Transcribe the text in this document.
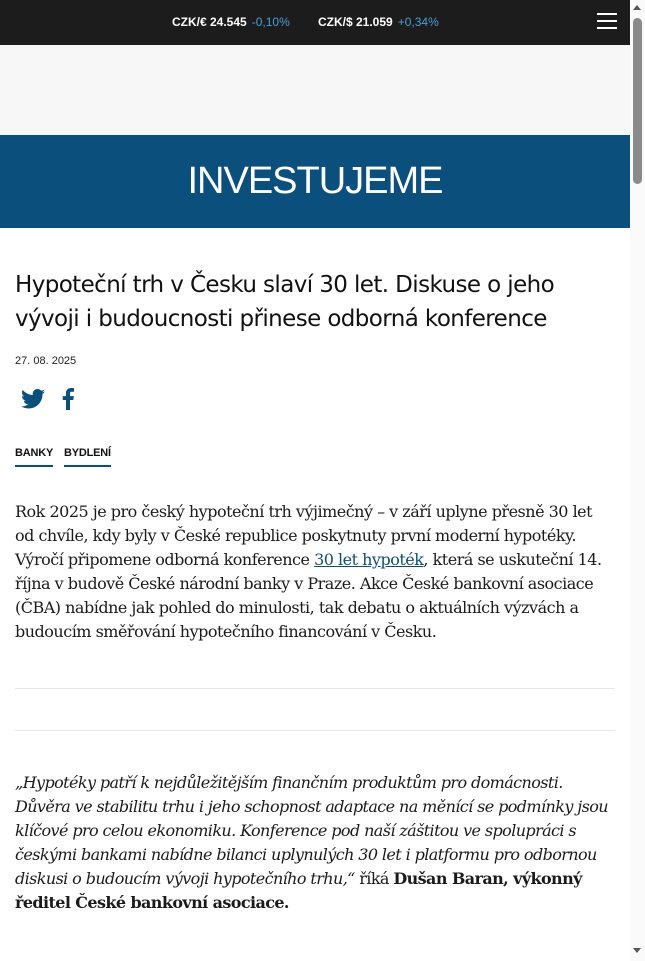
CZK/€ 24.545 -0,10% CZK/$ 21.059 +0,34%
INVESTUJEME
Hypoteční trh v Česku slaví 30 let. Diskuse o jeho vývoji i budoucnosti přinese odborná konference
27. 08. 2025
BANKY BYDLENÍ

Rok 2025 je pro český hypoteční trh výjimečný – v září uplyne přesně 30 let od chvíle, kdy byly v České republice poskytnuty první moderní hypotéky. Výročí připomene odborná konference 30 let hypoték, která se uskuteční 14. října v budově České národní banky v Praze. Akce České bankovní asociace (ČBA) nabídne jak pohled do minulosti, tak debatu o aktuálních výzvách a budoucím směřování hypotečního financování v Česku.

„Hypotéky patří k nejdůležitějším finančním produktům pro domácnosti. Důvěra ve stabilitu trhu i jeho schopnost adaptace na měnící se podmínky jsou klíčové pro celou ekonomiku. Konference pod naší záštitou ve spolupráci s českými bankami nabídne bilanci uplynulých 30 let i platformu pro odbornou diskusi o budoucím vývoji hypotečního trhu,“ říká Dušan Baran, výkonný ředitel České bankovní asociace.
